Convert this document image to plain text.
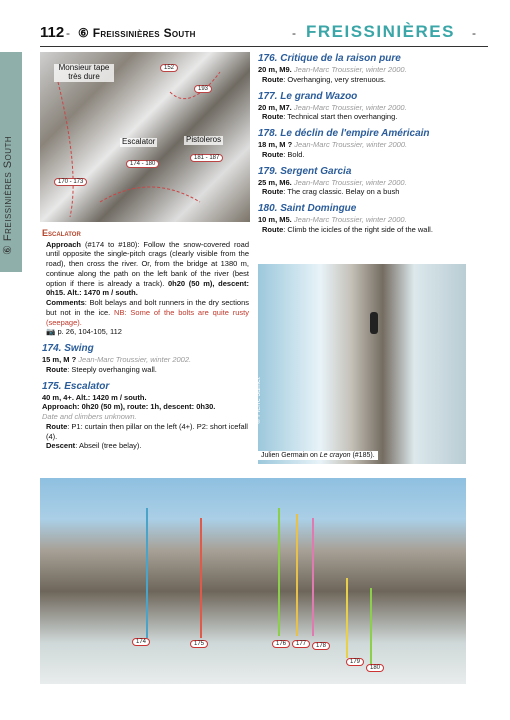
112 - ⑥ Freissinières South	- FREISSINIÈRES -
⑥ Freissinières South
Monsieur tape très dure
Escalator	Pistoleros
152
193
174 - 180
181 - 187
170 - 173
Escalator
Approach (#174 to #180): Follow the snow-covered road until opposite the single-pitch crags (clearly visible from the road), then cross the river. Or, from the bridge at 1380 m, continue along the path on the left bank of the river (best option if there is already a track). 0h20 (50 m), descent: 0h15. Alt.: 1470 m / south.
Comments: Bolt belays and bolt runners in the dry sections but not in the ice. NB: Some of the bolts are quite rusty (seepage).
📷 p. 26, 104-105, 112
174. Swing
15 m, M ? Jean-Marc Troussier, winter 2002.
Route: Steeply overhanging wall.
175. Escalator
40 m, 4+. Alt.: 1420 m / south.
Approach: 0h20 (50 m), route: 1h, descent: 0h30.
Date and climbers unknown.
Route: P1: curtain then pillar on the left (4+). P2: short icefall (4).
Descent: Abseil (tree belay).
176. Critique de la raison pure
20 m, M9. Jean-Marc Troussier, winter 2000.
Route: Overhanging, very strenuous.
177. Le grand Wazoo
20 m, M7. Jean-Marc Troussier, winter 2000.
Route: Technical start then overhanging.
178. Le déclin de l'empire Américain
18 m, M ? Jean-Marc Troussier, winter 2000.
Route: Bold.
179. Sergent Garcia
25 m, M6. Jean-Marc Troussier, winter 2000.
Route: The crag classic. Belay on a bush
180. Saint Domingue
10 m, M5. Jean-Marc Troussier, winter 2000.
Route: Climb the icicles of the right side of the wall.
© Pierre Jamet
Julien Germain on Le crayon (#185).
174	175	176	177	178
179
180
